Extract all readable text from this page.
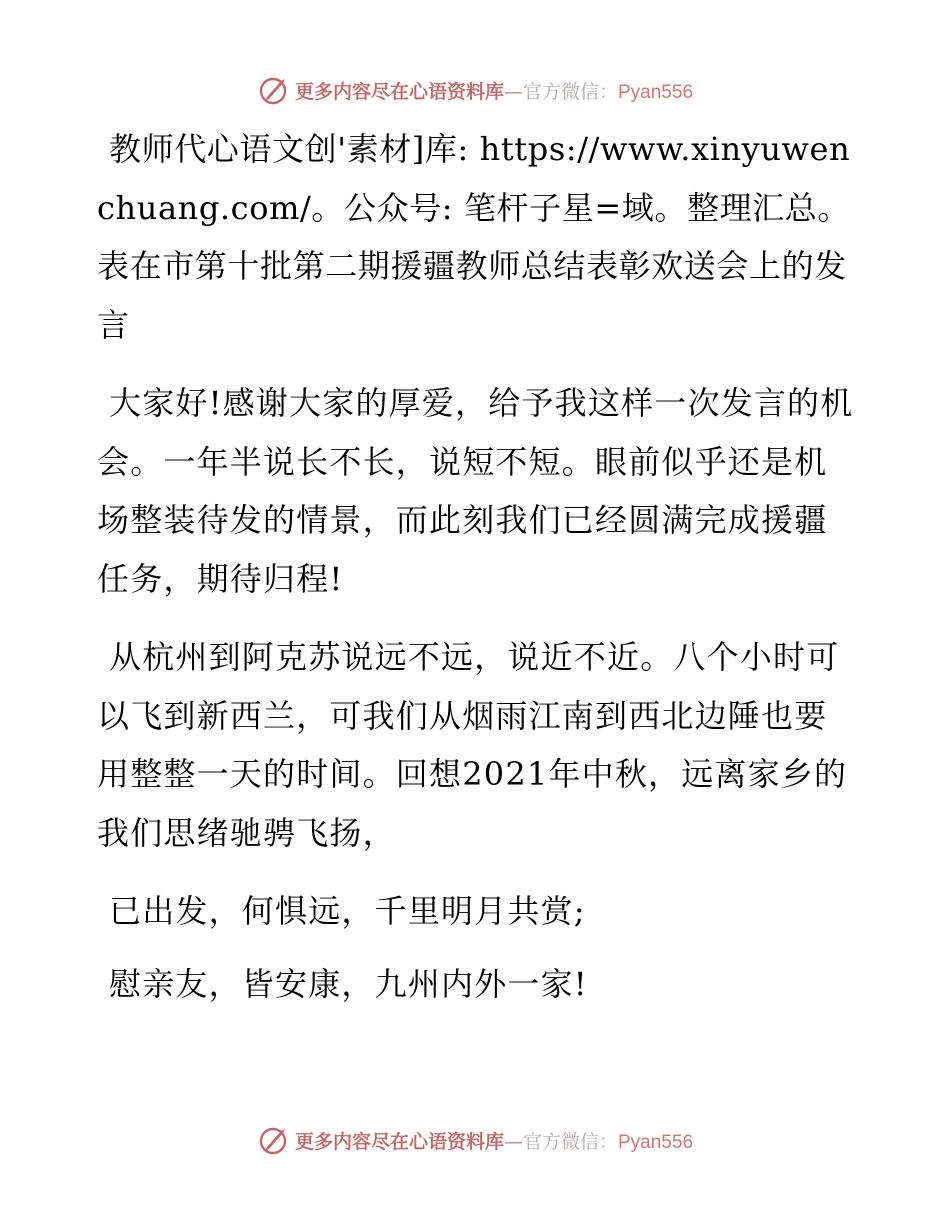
更多内容尽在心语资料库—官方微信：Pyan556

教师代心语文创'素材]库: https://www.xinyuwenchuang.com/。公众号: 笔杆子星=域。整理汇总。表在市第十批第二期援疆教师总结表彰欢送会上的发言

大家好!感谢大家的厚爱，给予我这样一次发言的机会。一年半说长不长，说短不短。眼前似乎还是机场整装待发的情景，而此刻我们已经圆满完成援疆任务，期待归程!

从杭州到阿克苏说远不远，说近不近。八个小时可以飞到新西兰，可我们从烟雨江南到西北边陲也要用整整一天的时间。回想2021年中秋，远离家乡的我们思绪驰骋飞扬，

已出发，何惧远，千里明月共赏;

慰亲友，皆安康，九州内外一家!

更多内容尽在心语资料库—官方微信：Pyan556
